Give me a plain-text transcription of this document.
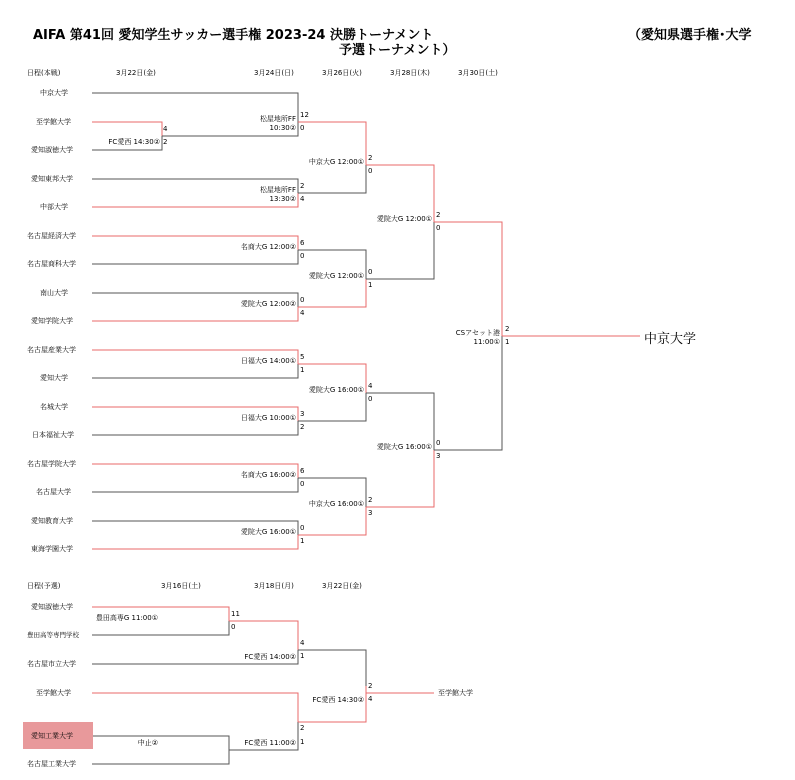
AIFA 第41回 愛知学生サッカー選手権 2023-24 決勝トーナメント
予選トーナメント）
（愛知県選手権･大学
日程(本戦)	3月22日(金)	3月24日(日)	3月26日(火)	3月28日(木)	3月30日(土)
中京大学
至学館大学
愛知淑徳大学
愛知東邦大学
中部大学
名古屋経済大学
名古屋商科大学
南山大学
愛知学院大学
名古屋産業大学
愛知大学
名城大学
日本福祉大学
名古屋学院大学
名古屋大学
愛知教育大学
東海学園大学
FC愛西 14:30②
4
2
松屋地所FF 10:30②
12
0
松屋地所FF 13:30②
2
4
名商大G 12:00② 6
0
愛院大G 12:00② 0
4
日福大G 14:00① 5
1
日福大G 10:00① 3
2
名商大G 16:00② 6
0
愛院大G 16:00① 0
1
中京大G 12:00① 2
0
愛院大G 12:00① 0
1
愛院大G 16:00① 4
0
中京大G 16:00① 2
3
愛院大G 12:00① 2
0
愛院大G 16:00① 0
3
CSアセット港11:00①
2
1	中京大学
日程(予選)	3月16日(土)	3月18日(月)	3月22日(金)
愛知淑徳大学
豊田高等専門学校
名古屋市立大学
至学館大学
愛知工業大学
名古屋工業大学
豊田高専G 11:00①	11
0
中止②
FC愛西 14:00②
4
1
FC愛西 11:00②
2
1
FC愛西 14:30②
2
4
至学館大学
